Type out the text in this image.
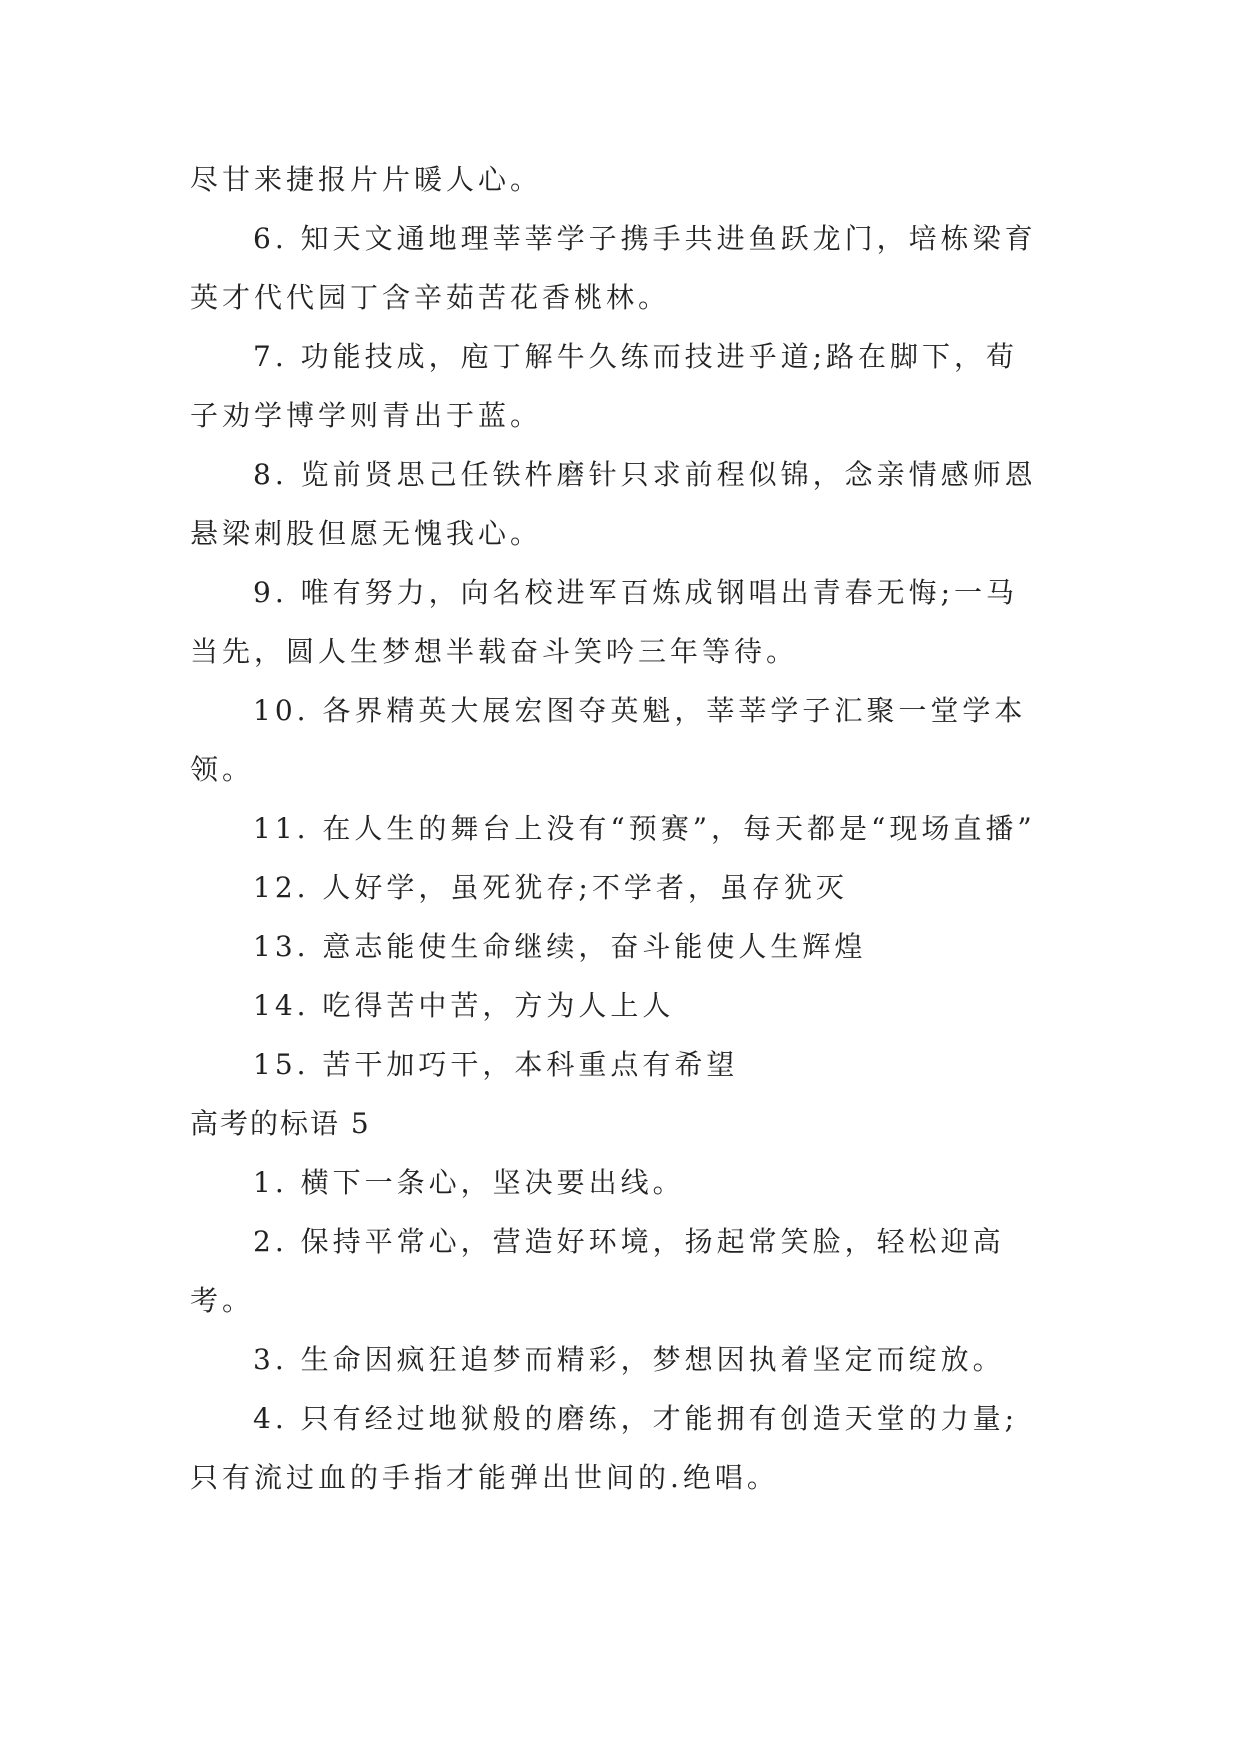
尽甘来捷报片片暖人心。

6. 知天文通地理莘莘学子携手共进鱼跃龙门，培栋梁育英才代代园丁含辛茹苦花香桃林。

7. 功能技成，庖丁解牛久练而技进乎道;路在脚下，荀子劝学博学则青出于蓝。

8. 览前贤思己任铁杵磨针只求前程似锦，念亲情感师恩悬梁刺股但愿无愧我心。

9. 唯有努力，向名校进军百炼成钢唱出青春无悔;一马当先，圆人生梦想半载奋斗笑吟三年等待。

10. 各界精英大展宏图夺英魁，莘莘学子汇聚一堂学本领。

11. 在人生的舞台上没有“预赛”，每天都是“现场直播”

12. 人好学，虽死犹存;不学者，虽存犹灭

13. 意志能使生命继续，奋斗能使人生辉煌

14. 吃得苦中苦，方为人上人

15. 苦干加巧干，本科重点有希望

高考的标语 5

1. 横下一条心，坚决要出线。

2. 保持平常心，营造好环境，扬起常笑脸，轻松迎高考。

3. 生命因疯狂追梦而精彩，梦想因执着坚定而绽放。

4. 只有经过地狱般的磨练，才能拥有创造天堂的力量;只有流过血的手指才能弹出世间的.绝唱。
